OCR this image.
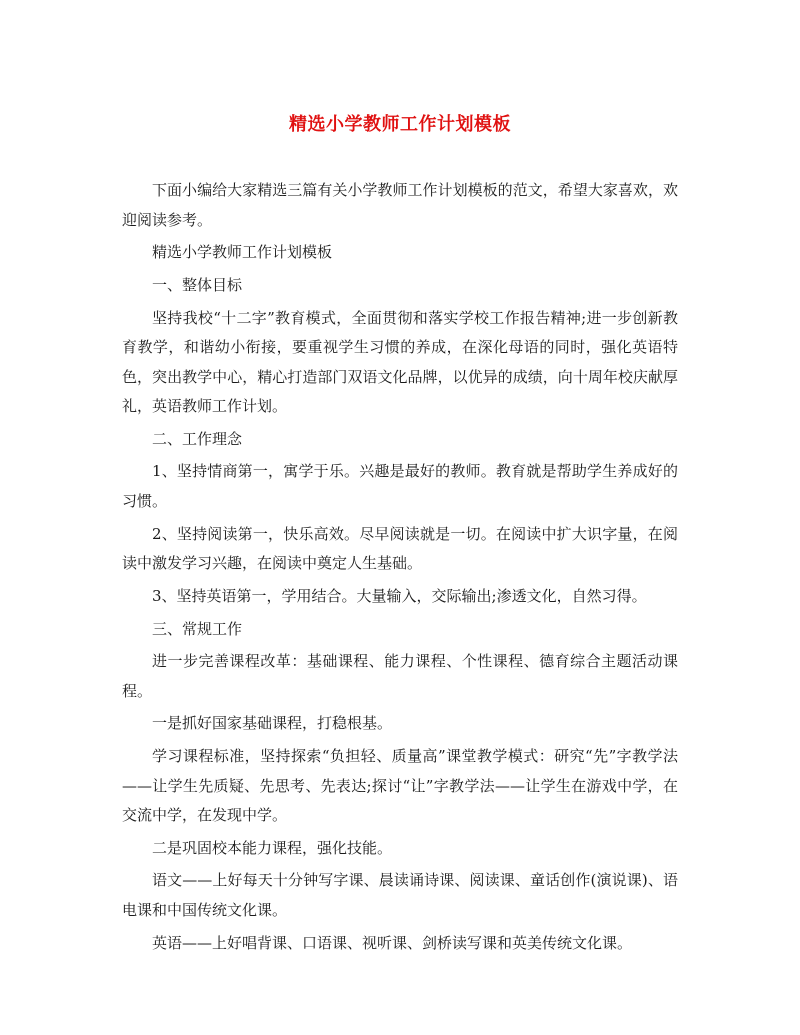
精选小学教师工作计划模板

下面小编给大家精选三篇有关小学教师工作计划模板的范文，希望大家喜欢，欢迎阅读参考。

精选小学教师工作计划模板

一、整体目标

坚持我校“十二字”教育模式，全面贯彻和落实学校工作报告精神;进一步创新教育教学，和谐幼小衔接，要重视学生习惯的养成，在深化母语的同时，强化英语特色，突出教学中心，精心打造部门双语文化品牌，以优异的成绩，向十周年校庆献厚礼，英语教师工作计划。

二、工作理念

1、坚持情商第一，寓学于乐。兴趣是最好的教师。教育就是帮助学生养成好的习惯。

2、坚持阅读第一，快乐高效。尽早阅读就是一切。在阅读中扩大识字量，在阅读中激发学习兴趣，在阅读中奠定人生基础。

3、坚持英语第一，学用结合。大量输入，交际输出;渗透文化，自然习得。

三、常规工作

进一步完善课程改革：基础课程、能力课程、个性课程、德育综合主题活动课程。

一是抓好国家基础课程，打稳根基。

学习课程标准，坚持探索“负担轻、质量高”课堂教学模式：研究“先”字教学法——让学生先质疑、先思考、先表达;探讨“让”字教学法——让学生在游戏中学，在交流中学，在发现中学。

二是巩固校本能力课程，强化技能。

语文——上好每天十分钟写字课、晨读诵诗课、阅读课、童话创作(演说课)、语电课和中国传统文化课。

英语——上好唱背课、口语课、视听课、剑桥读写课和英美传统文化课。
